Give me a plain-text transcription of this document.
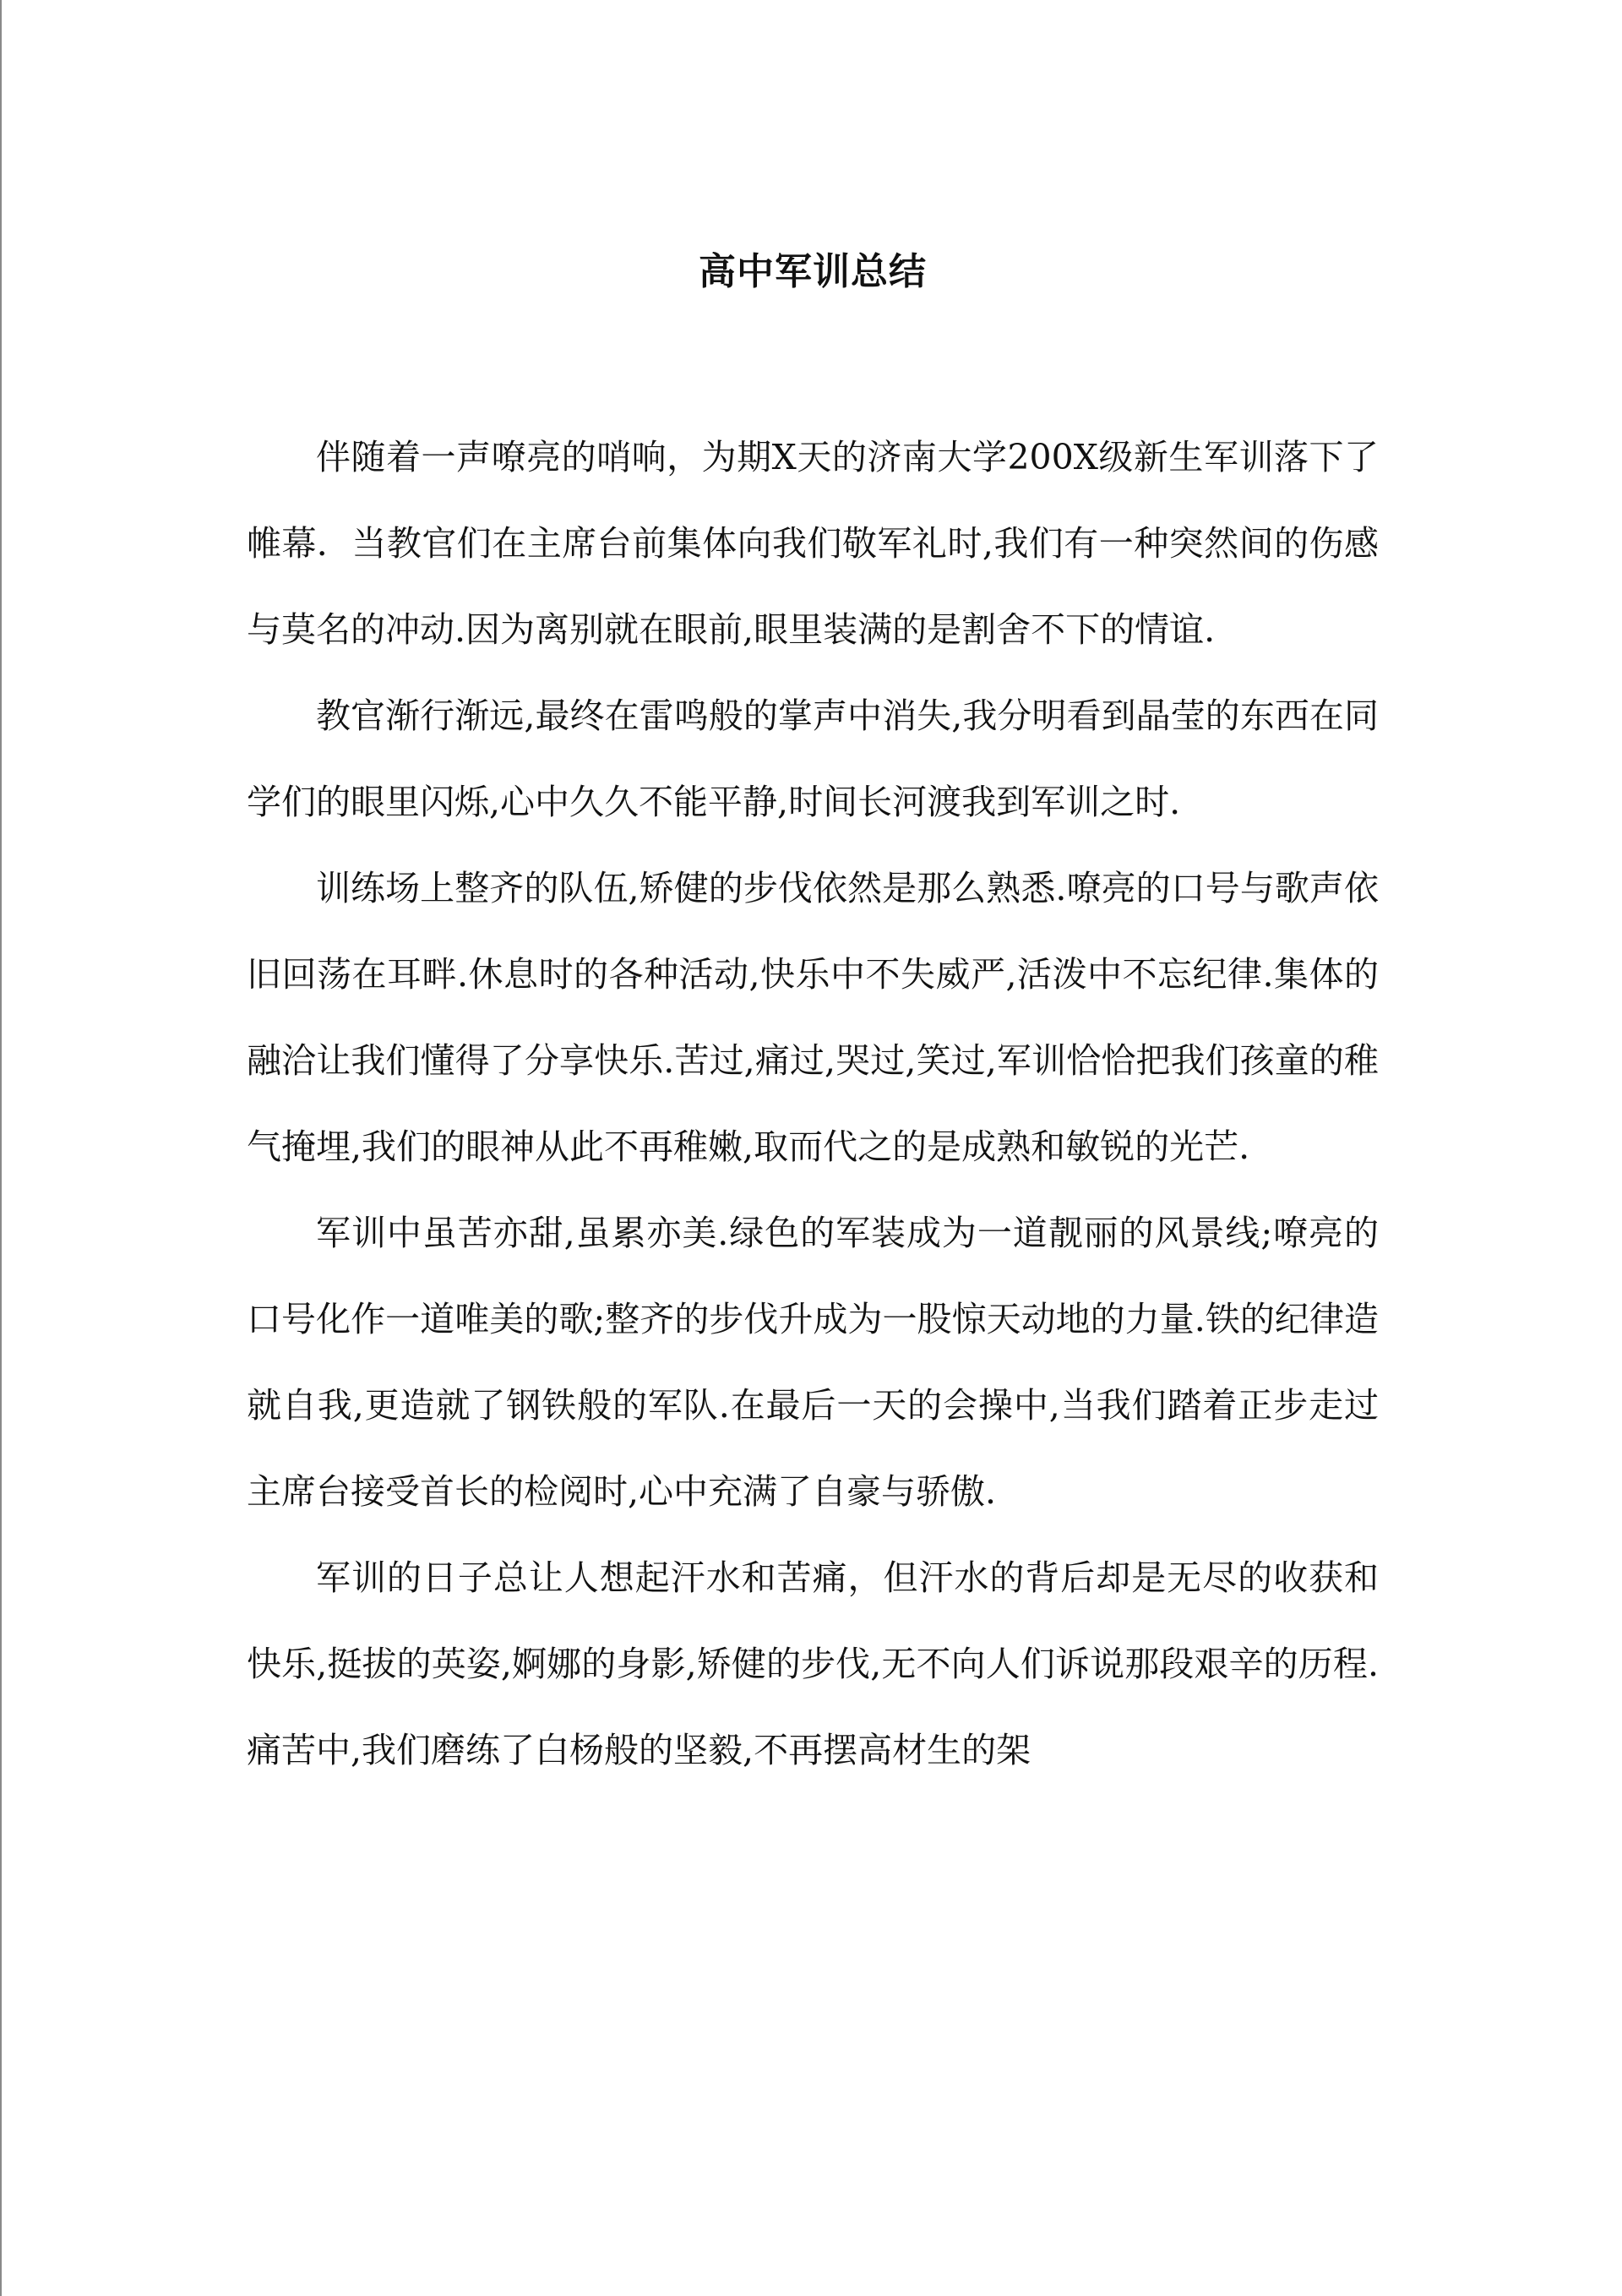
高中军训总结

伴随着一声嘹亮的哨响，为期X天的济南大学200X级新生军训落下了帷幕．当教官们在主席台前集体向我们敬军礼时,我们有一种突然间的伤感与莫名的冲动.因为离别就在眼前,眼里装满的是割舍不下的情谊.

教官渐行渐远,最终在雷鸣般的掌声中消失,我分明看到晶莹的东西在同学们的眼里闪烁,心中久久不能平静,时间长河渡我到军训之时.

训练场上整齐的队伍,矫健的步伐依然是那么熟悉.嘹亮的口号与歌声依旧回荡在耳畔.休息时的各种活动,快乐中不失威严,活泼中不忘纪律.集体的融洽让我们懂得了分享快乐.苦过,痛过,哭过,笑过,军训恰恰把我们孩童的稚气掩埋,我们的眼神从此不再稚嫩,取而代之的是成熟和敏锐的光芒.

军训中虽苦亦甜,虽累亦美.绿色的军装成为一道靓丽的风景线;嘹亮的口号化作一道唯美的歌;整齐的步伐升成为一股惊天动地的力量.铁的纪律造就自我,更造就了钢铁般的军队.在最后一天的会操中,当我们踏着正步走过主席台接受首长的检阅时,心中充满了自豪与骄傲.

军训的日子总让人想起汗水和苦痛，但汗水的背后却是无尽的收获和快乐,挺拔的英姿,婀娜的身影,矫健的步伐,无不向人们诉说那段艰辛的历程.痛苦中,我们磨练了白杨般的坚毅,不再摆高材生的架
